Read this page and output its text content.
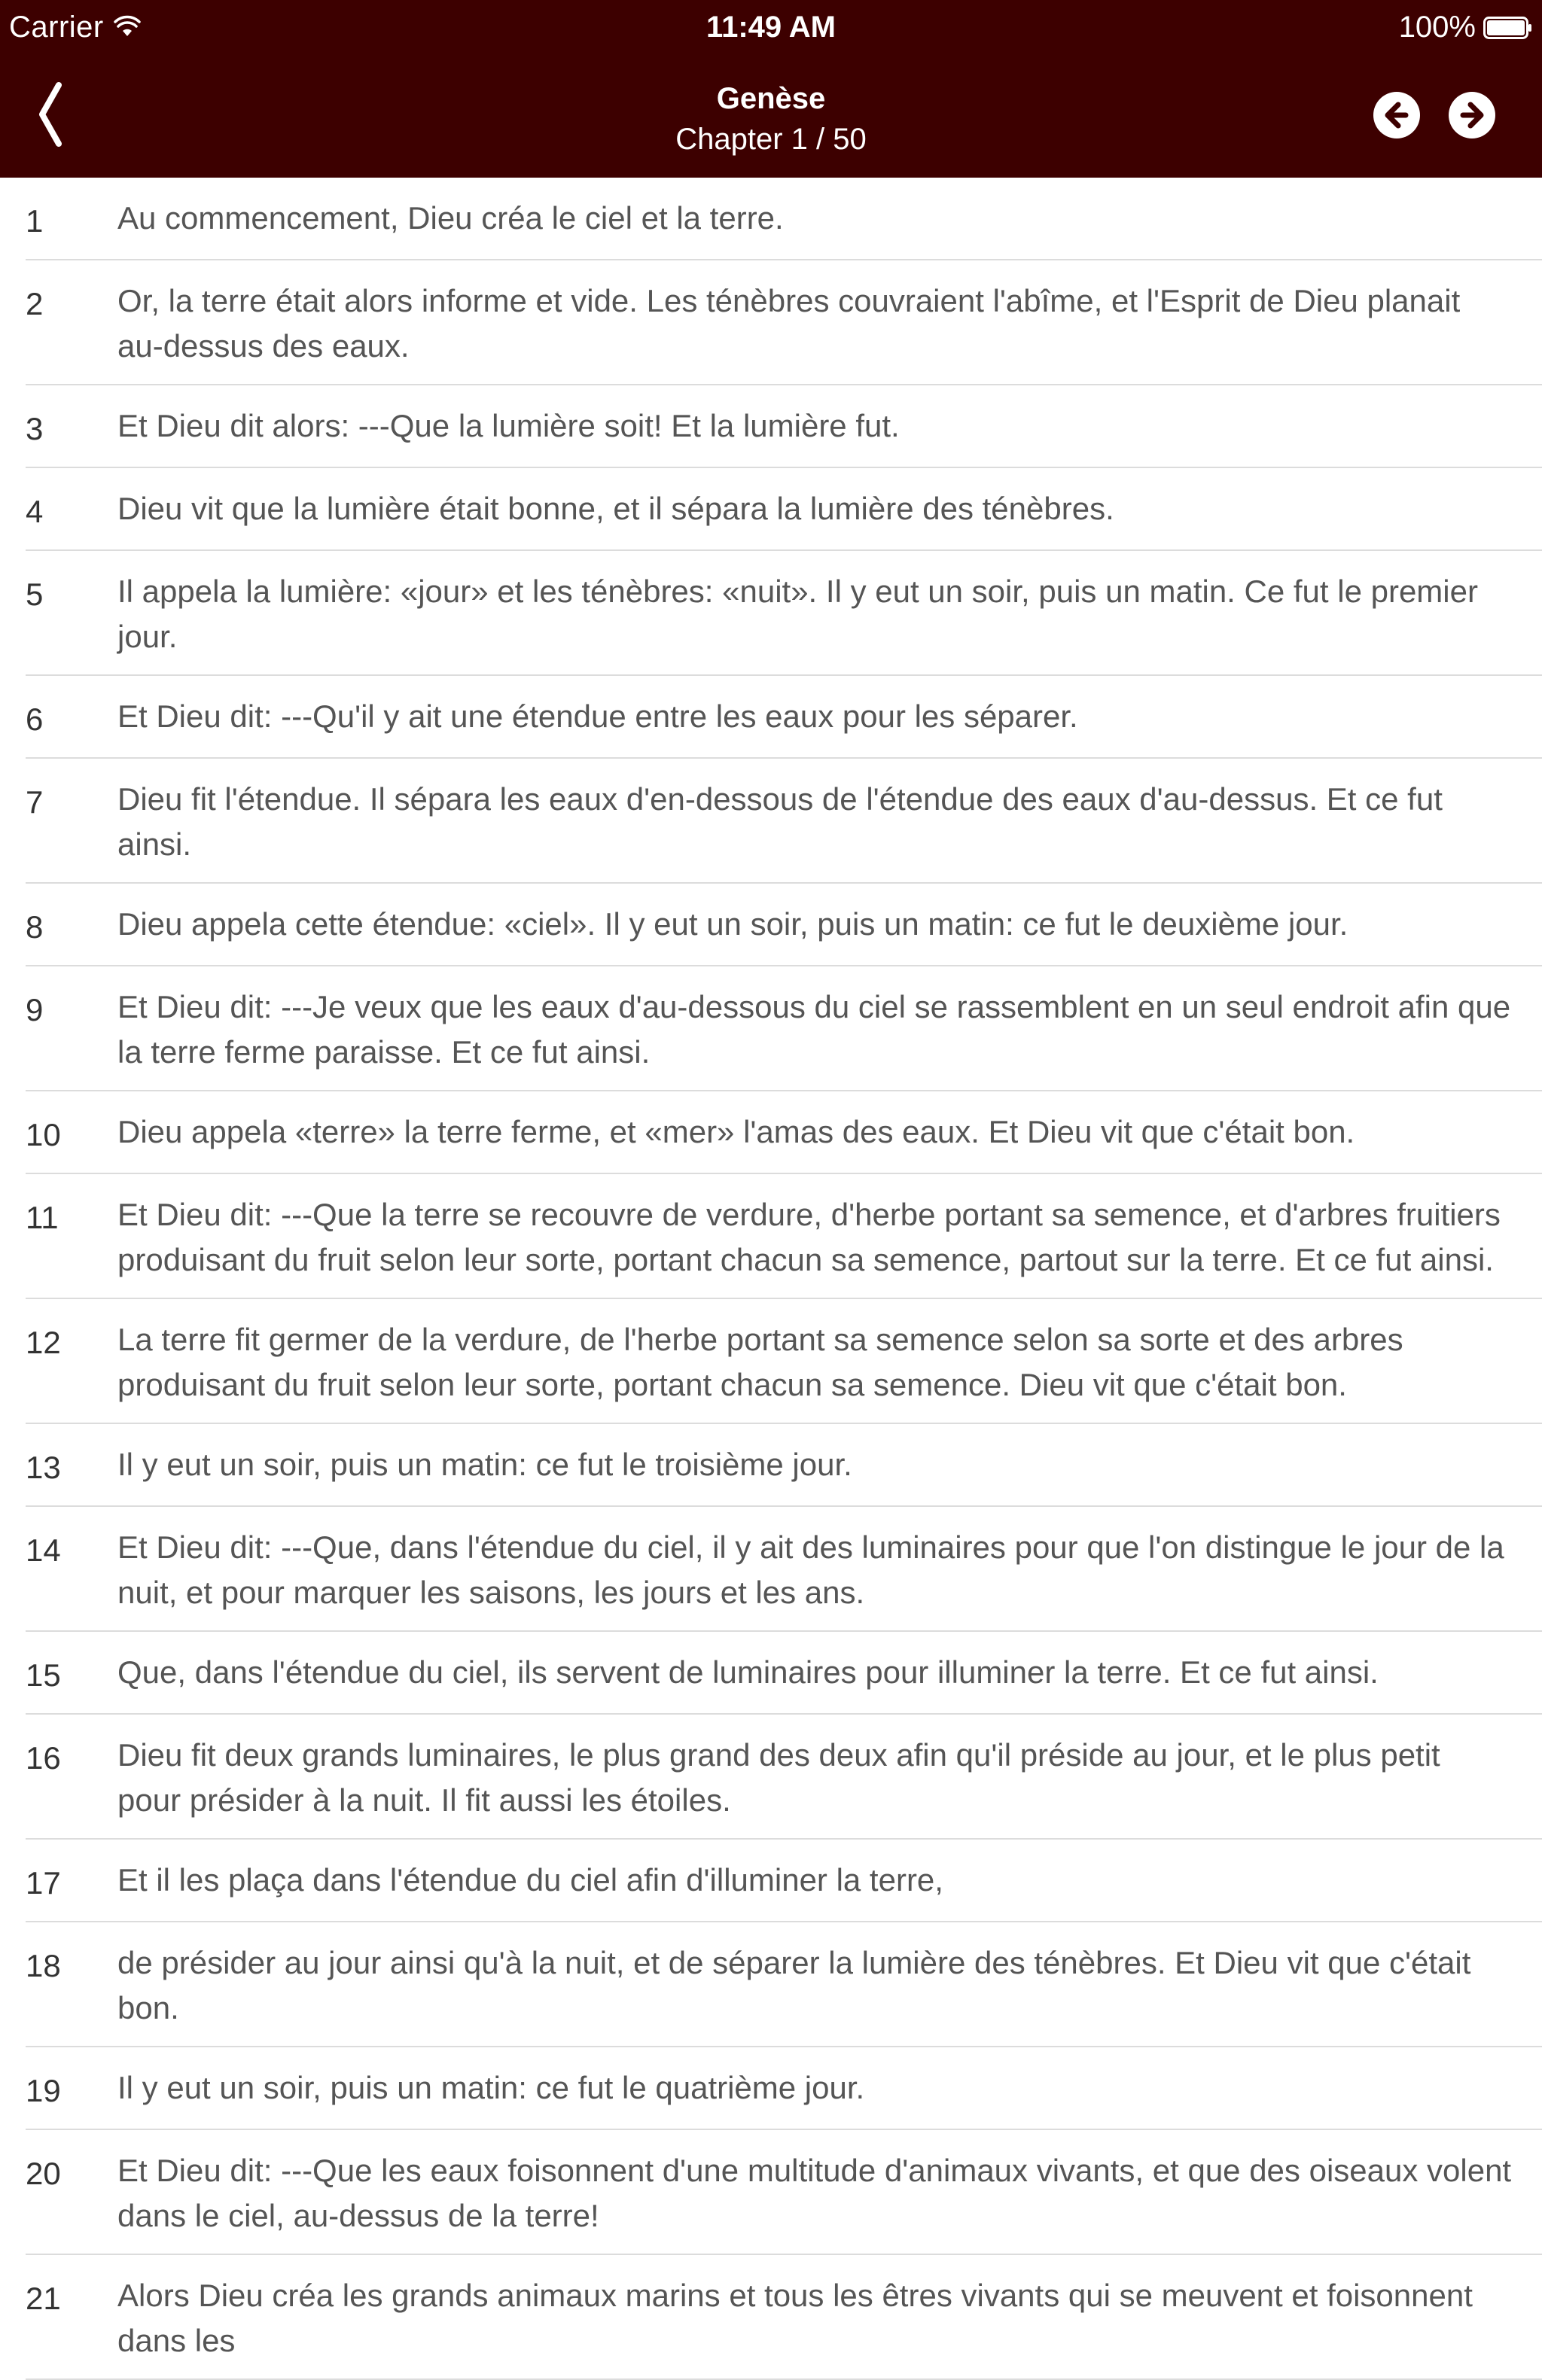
Carrier	11:49 AM	100%
Genèse
Chapter 1 / 50
1	Au commencement, Dieu créa le ciel et la terre.
2	Or, la terre était alors informe et vide. Les ténèbres couvraient l'abîme, et l'Esprit de Dieu planait au-dessus des eaux.
3	Et Dieu dit alors: ---Que la lumière soit! Et la lumière fut.
4	Dieu vit que la lumière était bonne, et il sépara la lumière des ténèbres.
5	Il appela la lumière: «jour» et les ténèbres: «nuit». Il y eut un soir, puis un matin. Ce fut le premier jour.
6	Et Dieu dit: ---Qu'il y ait une étendue entre les eaux pour les séparer.
7	Dieu fit l'étendue. Il sépara les eaux d'en-dessous de l'étendue des eaux d'au-dessus. Et ce fut ainsi.
8	Dieu appela cette étendue: «ciel». Il y eut un soir, puis un matin: ce fut le deuxième jour.
9	Et Dieu dit: ---Je veux que les eaux d'au-dessous du ciel se rassemblent en un seul endroit afin que la terre ferme paraisse. Et ce fut ainsi.
10	Dieu appela «terre» la terre ferme, et «mer» l'amas des eaux. Et Dieu vit que c'était bon.
11	Et Dieu dit: ---Que la terre se recouvre de verdure, d'herbe portant sa semence, et d'arbres fruitiers produisant du fruit selon leur sorte, portant chacun sa semence, partout sur la terre. Et ce fut ainsi.
12	La terre fit germer de la verdure, de l'herbe portant sa semence selon sa sorte et des arbres produisant du fruit selon leur sorte, portant chacun sa semence. Dieu vit que c'était bon.
13	Il y eut un soir, puis un matin: ce fut le troisième jour.
14	Et Dieu dit: ---Que, dans l'étendue du ciel, il y ait des luminaires pour que l'on distingue le jour de la nuit, et pour marquer les saisons, les jours et les ans.
15	Que, dans l'étendue du ciel, ils servent de luminaires pour illuminer la terre. Et ce fut ainsi.
16	Dieu fit deux grands luminaires, le plus grand des deux afin qu'il préside au jour, et le plus petit pour présider à la nuit. Il fit aussi les étoiles.
17	Et il les plaça dans l'étendue du ciel afin d'illuminer la terre,
18	de présider au jour ainsi qu'à la nuit, et de séparer la lumière des ténèbres. Et Dieu vit que c'était bon.
19	Il y eut un soir, puis un matin: ce fut le quatrième jour.
20	Et Dieu dit: ---Que les eaux foisonnent d'une multitude d'animaux vivants, et que des oiseaux volent dans le ciel, au-dessus de la terre!
21	Alors Dieu créa les grands animaux marins et tous les êtres vivants qui se meuvent et foisonnent dans les
